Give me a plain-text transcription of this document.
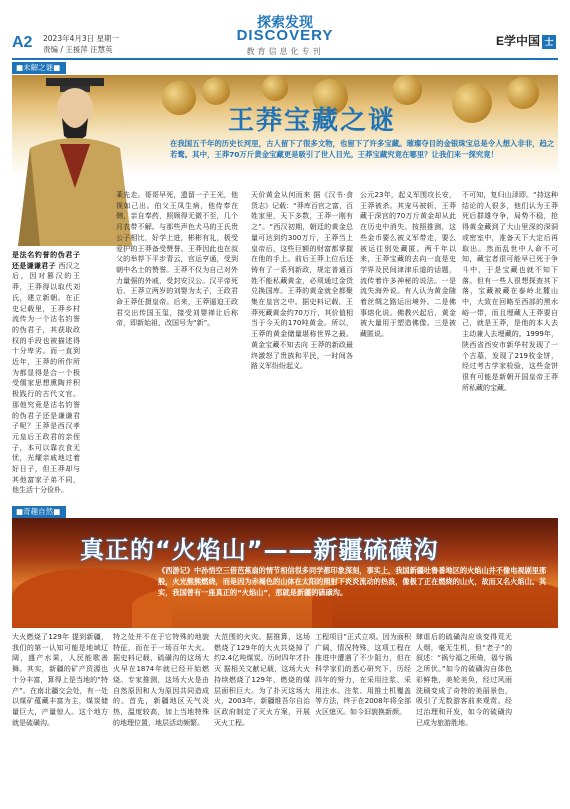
A2 2023年4月3日 星期一
责编 / 王援萍 汪慧英
探索发现
DISCOVERY
教育信息化专刊
E学中国 士
■未解之谜■
王莽宝藏之谜
在我国五千年的历史长河里，古人留下了很多文物，也留下了许多宝藏。璀璨夺目的金银珠宝总是令人想入非非，趋之若鹜。其中，王莽70万斤黄金宝藏更是吸引了世人目光。王莽宝藏究竟在哪里？让我们来一探究竟！
是法名钓誉的伪君子还是谦谦君子 西汉之后，因对篡汉的王莽，王莽得以取代刘氏，建立新朝。在正史记载里，王莽乡村流传为一个沽名钓誉的伪君子，其获取政权的手段也被描述得十分卑劣。而一直到近年，王莽的所作所为都显得是合一个极受儒家思想熏陶并积极践行的古代文官。那他究竟是沽名钓誉的伪君子还是谦谦君子呢？王莽是西汉孝元皇后王政君的亲侄子，本可以靠衣食无忧，光耀亲戚地过着好日子，但王莽却与其他富家子弟不同，他生活十分俭朴。
莱先走。哥哥早死，遗留一子王光，他视如己出。伯父王凤生病，他侍奉在侧，亲自奉药，照顾得无微不至，几个月衣带不解。与那些声色犬马的王氏贵公子相比，好学上进，彬彬有礼，极受爱护的王莽备受赞誉。王莽因此也在叔父的举荐下平步青云，官运亨通，受到朝中名士的赞誉。王莽不仅为自己对外力量强的外戚，受封安汉公。汉平帝死后，王莽立两岁的刘婴为太子，王政君命王莽任摄皇帝。后来，王莽逼迫王政君交出传国玉玺，接受刘婴禅让后称帝，即新始祖，改国号为“新”。
天价黄金从何而来 据《汉书·食货志》记载：“莽库百官之富，百姓家里，天下多数，王莽一刚有之”。“西汉初期，朝廷的黄金总量可达到约300万斤，王莽当上皇帝后，这些巨额的财富都掌握在他的手上。前后王莽上位后还铸有了一系列新政，规定普通百姓不能私藏黄金，必须通过金货兑换国库。王莽的黄金就全都聚集在皇宫之中。据史料记载，王莽死藏黄金约70万斤，其价值相当于今天的170吨黄金。所以，王莽的黄金储量堪称世界之最。黄金宝藏不知去向 王莽的新政最终激怒了贵族和平民，一时间各路义军纷纷起义。
公元23年，起义军围攻长安，王莽被杀。其宠马被斩，王莽藏于深宫的70万斤黄金却从此在历史中消失。按照推测，这些金币要么被义军带走，要么被运往别处藏匿。两千年以来，王莽宝藏的去向一直是史学界及民间津津乐道的话题，流传着许多神秘的说法。一是流失海外说。有人认为黄金随着丝绸之路运出境外。二是佛事熔化说。佛教兴起后，黄金被大量用于塑造佛像。三是被藏匿说。
不可知，复归山泽即。“持这种结论的人很多，他们认为王莽死后群雄夺争，局势不稳，抢得黄金藏到了大山里深的深洞或密室中，准备天下大定后再取出。然而乱世中人命不可知，藏宝者很可能早已死于争斗中，于是宝藏也就不知下落。但有一些人很想探查其下落，宝藏被藏在泰岭北麓山中，大致在回略至西部的黑水峪一带，而且埋藏人王莽要自己，就是王莽，是他的本人去主动兼人去埋藏的。1999年，陕西省西安市新华村发现了一个古墓，发现了219枚金饼，经过考古学家检验，这些金饼很有可能是新朝开国皇帝王莽所私藏的宝藏。
■奇趣自然■
真正的“火焰山”——新疆硫磺沟
《西游记》中孙悟空三借芭蕉扇的情节相信很多同学都印象深刻，事实上，我国新疆吐鲁番地区的火焰山并不像电视剧里那般，火光熊熊燃烧，而是因为赤褐色的山体在太阳的照射下炎炎流动的热浪，像极了正在燃烧的山火，故而又名火焰山。其实，我国曾有一座真正的“火焰山”，那就是新疆的硫磺沟。
大火燃烧了129年 提到新疆，我们的第一认知可能是地域辽阔，盛产水果，人民能歌善舞。其实，新疆的矿产资源也十分丰富，算得上是当地的“特产”。在南北疆交会处，有一处以煤矿蕴藏丰富为主，煤炭储量巨大，产量惊人。这个地方就是硫磺沟。
特之处并不在于它特殊的地貌特征，而在于一场百年大火。据史料记载，硫磺沟的这场大火早在1874年就已经开始燃烧。专家推测，这场大火是由自然原因和人为原因共同造成的。首先，新疆地区天气炎热，温度较高，加上当地特殊的地理位置，地层活动频繁。
大范围的火灾。据推算，这场燃烧了129年的大火共烧掉了约2.4亿吨煤炭。历时四年才扑灭 据相关文献记载，这场大火持续燃烧了129年，燃烧的煤层面积巨大。为了扑灭这场大火，2003年，新疆维吾尔自治区政府制定了灭火方案，开展灭火工程。
工程项目”正式立项。因为面积广阔，情况特殊，这项工程在推进中遭遇了不少阻力，但在科学家们的悉心研究下，历经四年的努力，在采用注浆、采用注水、注浆、用推土机覆盖等方法，终于在2008年将全部火区熄灭。如今旧貌换新颜。
肆虐后的硫磺沟应该变得荒无人烟，毫无生机，但“老子”的叙述：“祸兮福之所倚，福兮祸之所伏。”如今的硫磺沟自体色彩鲜艳，美轮美奂，经过风雨洗刷变成了奇特的美丽景色，吸引了无数游客前来观赏。经过治理和开发，如今的硫磺沟已成为旅游胜地。
